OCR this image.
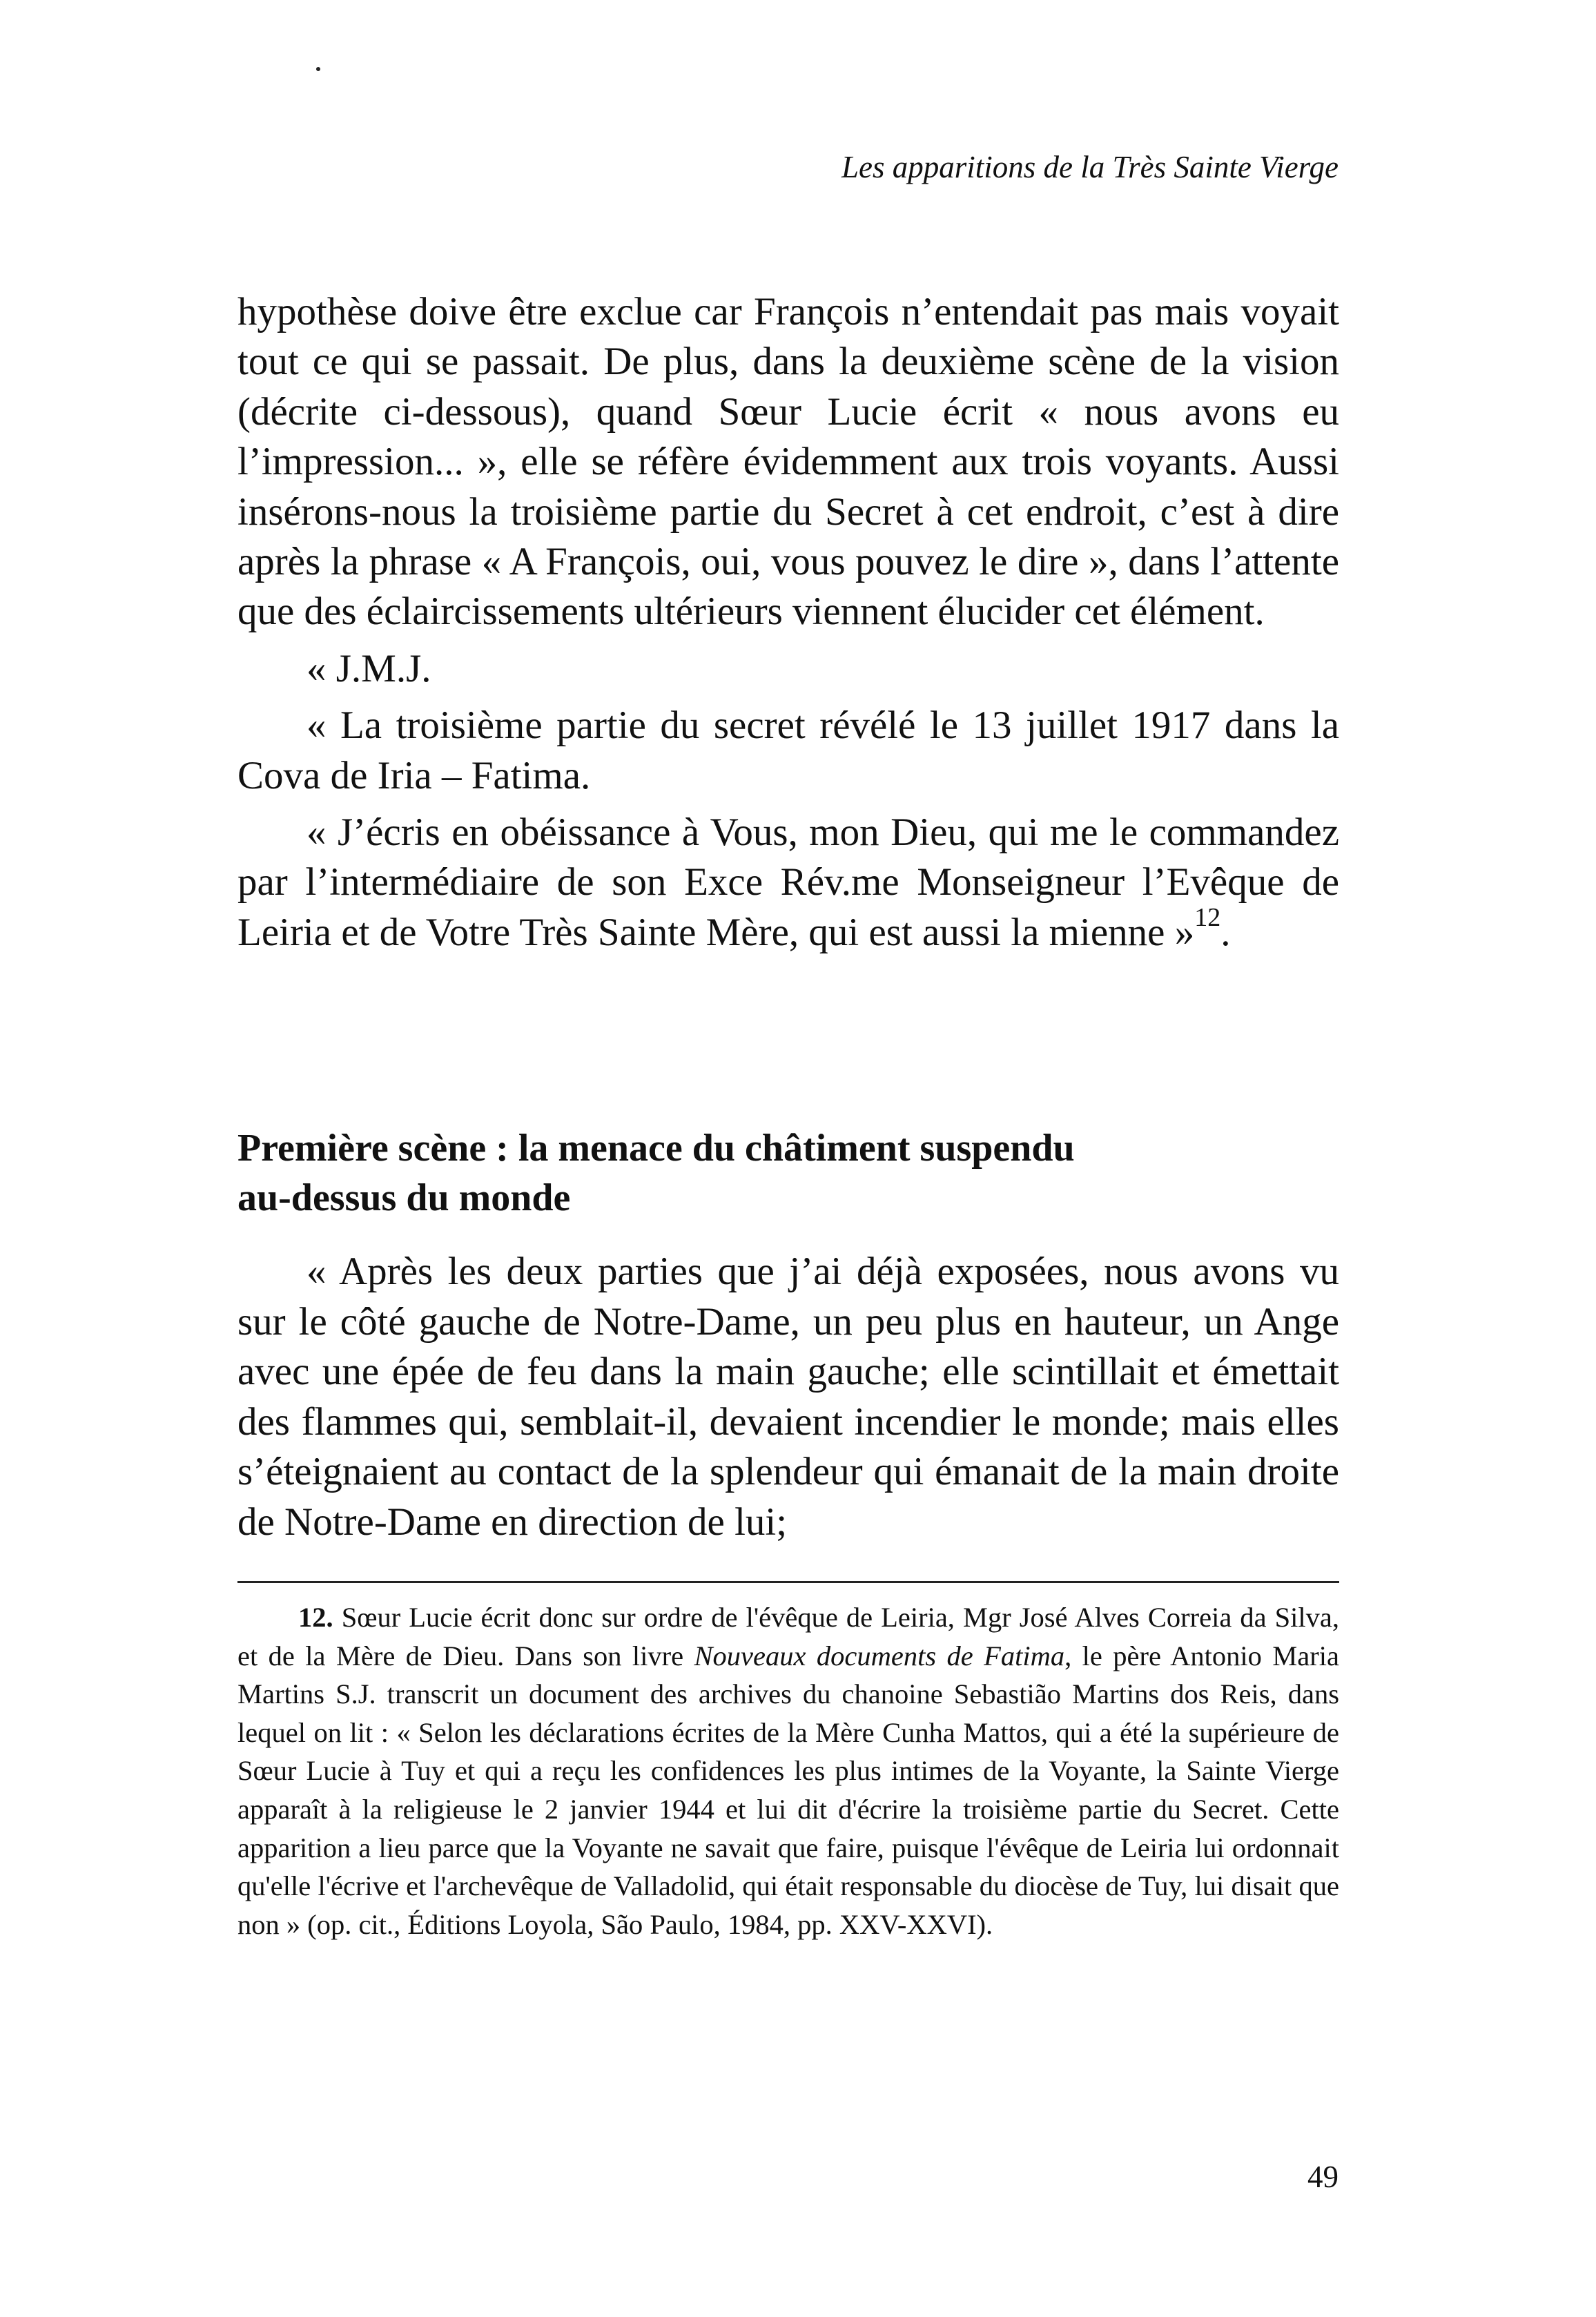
Les apparitions de la Très Sainte Vierge

hypothèse doive être exclue car François n’entendait pas mais voyait tout ce qui se passait. De plus, dans la deuxième scène de la vision (décrite ci-dessous), quand Sœur Lucie écrit « nous avons eu l’impression... », elle se réfère évidemment aux trois voyants. Aussi insérons-nous la troisième partie du Secret à cet endroit, c’est à dire après la phrase « A François, oui, vous pouvez le dire », dans l’attente que des éclaircissements ultérieurs viennent élucider cet élément.

« J.M.J.

« La troisième partie du secret révélé le 13 juillet 1917 dans la Cova de Iria – Fatima.

« J’écris en obéissance à Vous, mon Dieu, qui me le commandez par l’intermédiaire de son Exce Rév.me Monseigneur l’Evêque de Leiria et de Votre Très Sainte Mère, qui est aussi la mienne »$^{12}$.

Première scène : la menace du châtiment suspendu
au-dessus du monde

« Après les deux parties que j’ai déjà exposées, nous avons vu sur le côté gauche de Notre-Dame, un peu plus en hauteur, un Ange avec une épée de feu dans la main gauche; elle scintillait et émettait des flammes qui, semblait-il, devaient incendier le monde; mais elles s’éteignaient au contact de la splendeur qui émanait de la main droite de Notre-Dame en direction de lui;

12. Sœur Lucie écrit donc sur ordre de l'évêque de Leiria, Mgr José Alves Correia da Silva, et de la Mère de Dieu. Dans son livre Nouveaux documents de Fatima, le père Antonio Maria Martins S.J. transcrit un document des archives du chanoine Sebastião Martins dos Reis, dans lequel on lit : « Selon les déclarations écrites de la Mère Cunha Mattos, qui a été la supérieure de Sœur Lucie à Tuy et qui a reçu les confidences les plus intimes de la Voyante, la Sainte Vierge apparaît à la religieuse le 2 janvier 1944 et lui dit d'écrire la troisième partie du Secret. Cette apparition a lieu parce que la Voyante ne savait que faire, puisque l'évêque de Leiria lui ordonnait qu'elle l'écrive et l'archevêque de Valladolid, qui était responsable du diocèse de Tuy, lui disait que non » (op. cit., Éditions Loyola, São Paulo, 1984, pp. XXV-XXVI).

49
